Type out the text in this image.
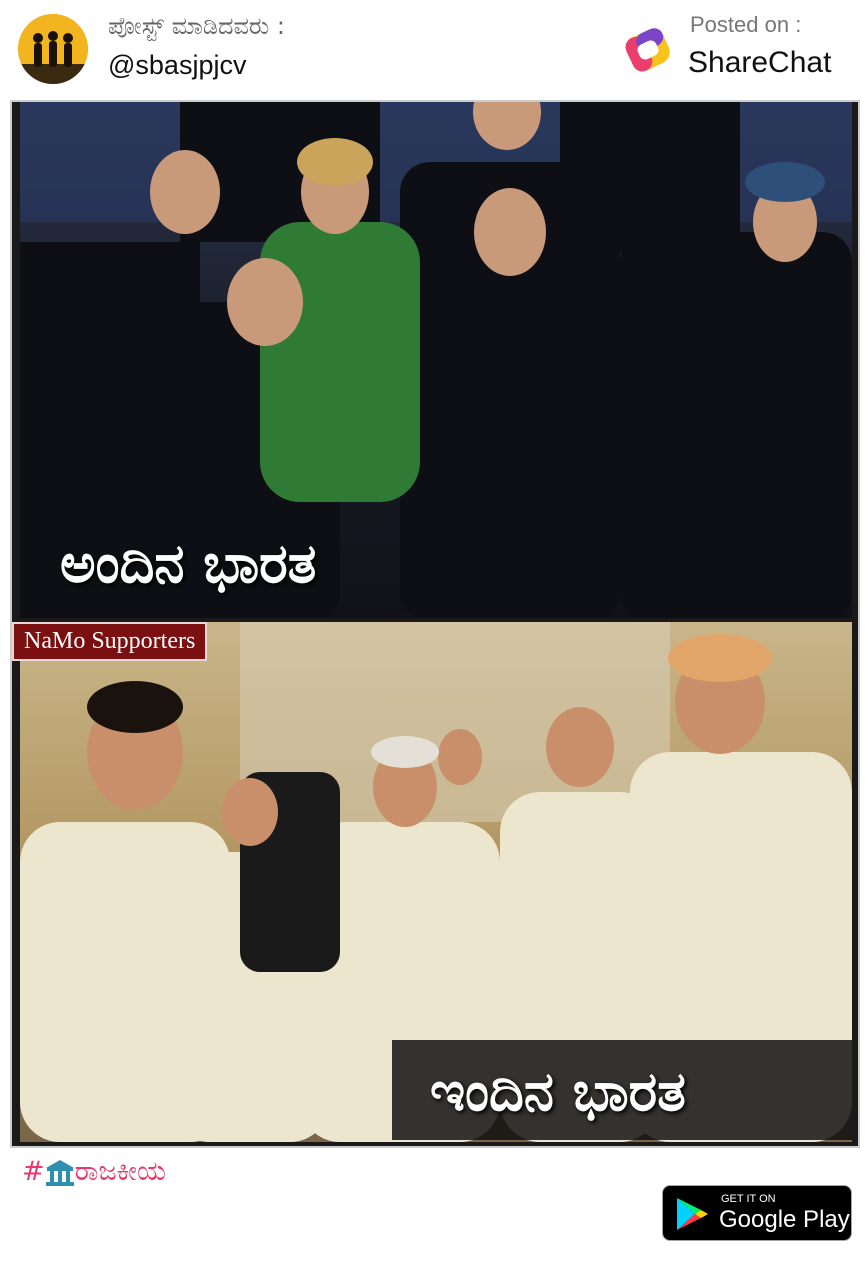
ಪೋಸ್ಟ್ ಮಾಡಿದವರು :
@sbasjpjcv
Posted on :
ShareChat
ಅಂದಿನ ಭಾರತ
ಇಂದಿನ ಭಾರತ
NaMo Supporters
# ರಾಜಕೀಯ
GET IT ON
Google Play
